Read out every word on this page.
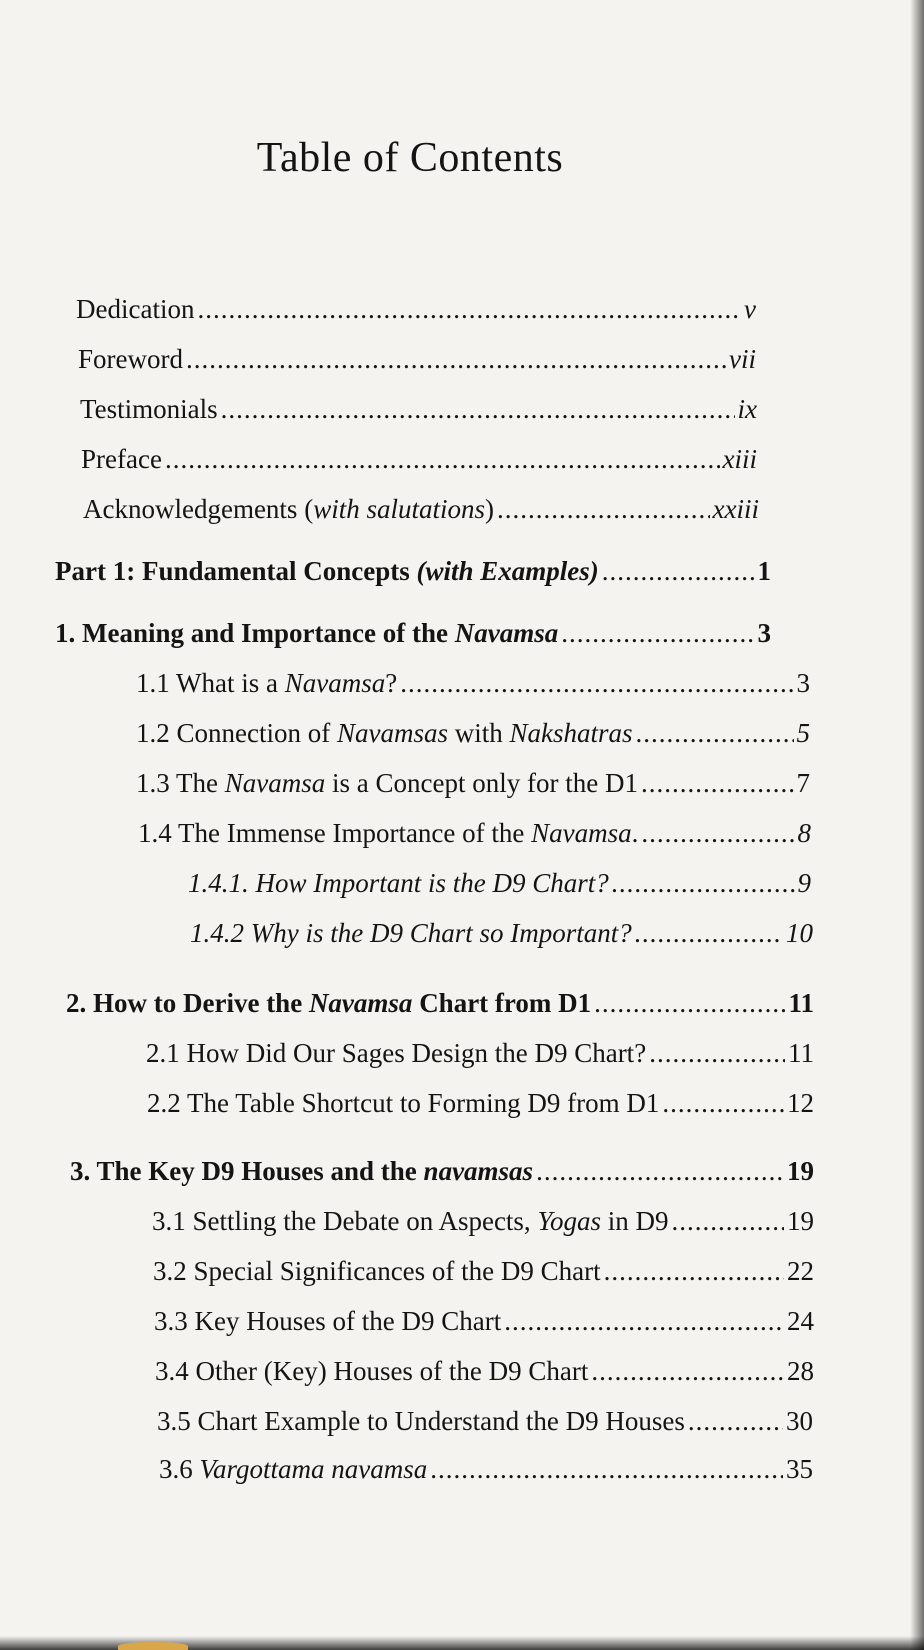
Table of Contents
Dedication .....	v
Foreword .....	vii
Testimonials .....	ix
Preface .....	xiii
Acknowledgements (with salutations) .....	xxiii
Part 1: Fundamental Concepts (with Examples) .....	1
1. Meaning and Importance of the Navamsa .....	3
1.1 What is a Navamsa? .....	3
1.2 Connection of Navamsas with Nakshatras .....	5
1.3 The Navamsa is a Concept only for the D1 .....	7
1.4 The Immense Importance of the Navamsa. .....	8
1.4.1. How Important is the D9 Chart? .....	9
1.4.2 Why is the D9 Chart so Important? .....	10
2. How to Derive the Navamsa Chart from D1 .....	11
2.1 How Did Our Sages Design the D9 Chart? .....	11
2.2 The Table Shortcut to Forming D9 from D1 .....	12
3. The Key D9 Houses and the navamsas .....	19
3.1 Settling the Debate on Aspects, Yogas in D9 .....	19
3.2 Special Significances of the D9 Chart .....	22
3.3 Key Houses of the D9 Chart .....	24
3.4 Other (Key) Houses of the D9 Chart .....	28
3.5 Chart Example to Understand the D9 Houses .....	30
3.6 Vargottama navamsa .....	35
